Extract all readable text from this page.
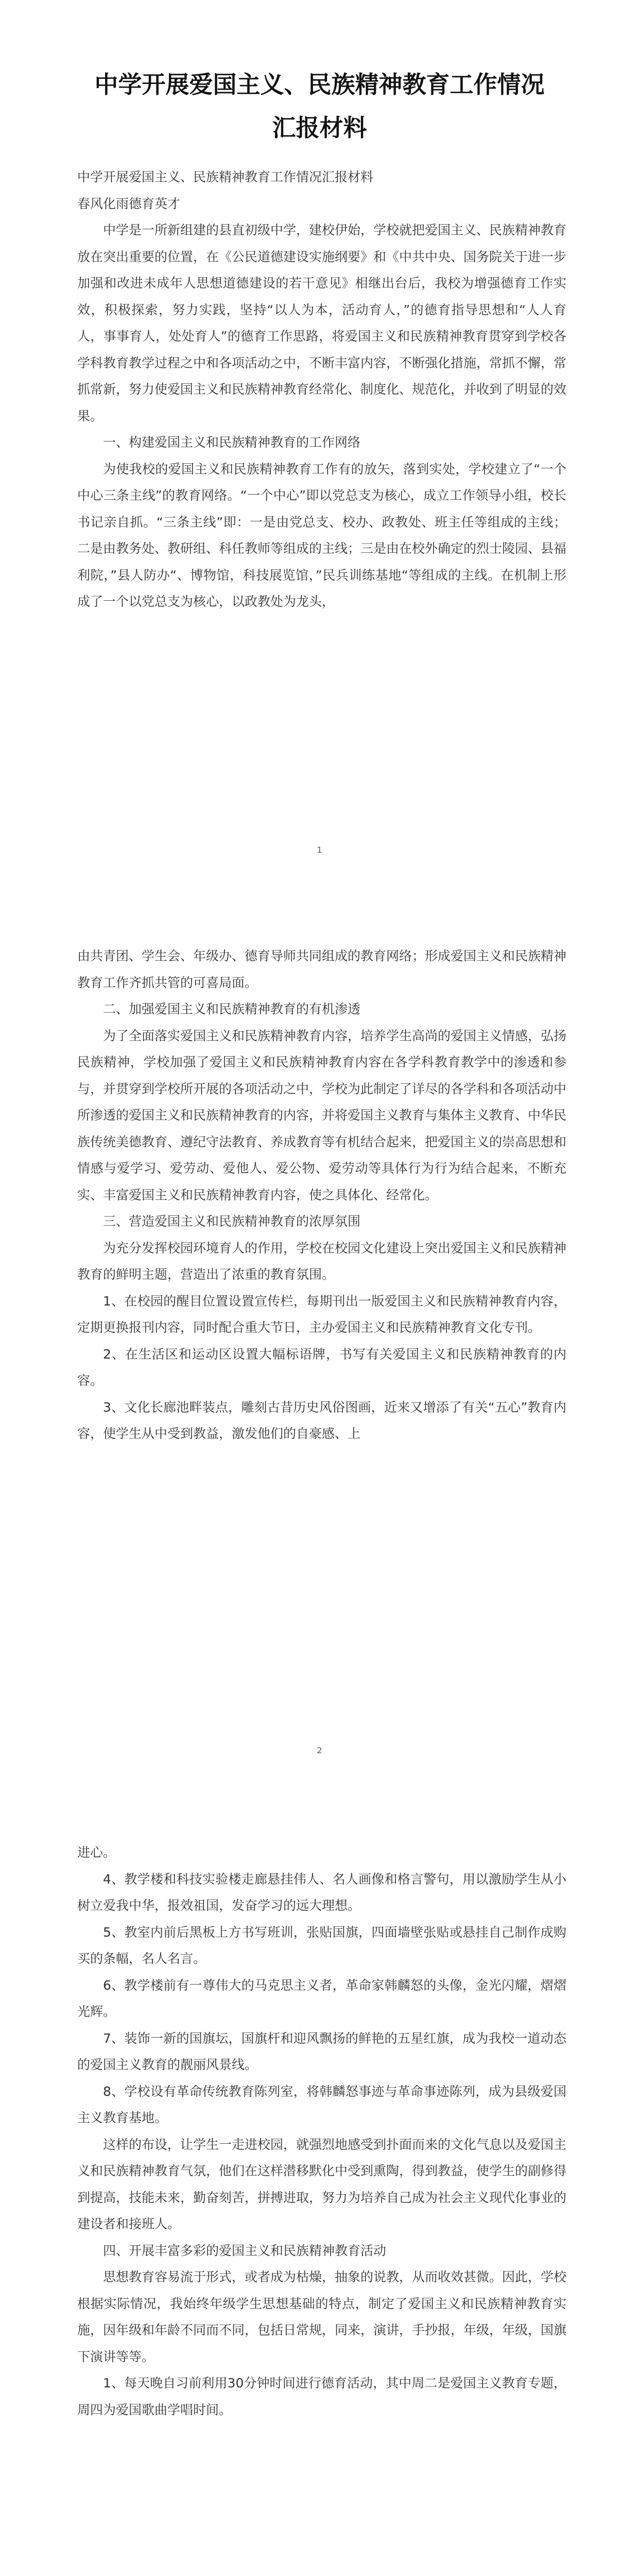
中学开展爱国主义、民族精神教育工作情况
汇报材料

中学开展爱国主义、民族精神教育工作情况汇报材料

春风化雨德育英才

中学是一所新组建的县直初级中学，建校伊始，学校就把爱国主义、民族精神教育放在突出重要的位置，在《公民道德建设实施纲要》和《中共中央、国务院关于进一步加强和改进未成年人思想道德建设的若干意见》相继出台后，我校为增强德育工作实效，积极探索，努力实践，坚持“以人为本，活动育人，”的德育指导思想和“人人育人，事事育人，处处育人”的德育工作思路，将爱国主义和民族精神教育贯穿到学校各学科教育教学过程之中和各项活动之中，不断丰富内容，不断强化措施，常抓不懈，常抓常新，努力使爱国主义和民族精神教育经常化、制度化、规范化，并收到了明显的效果。

一、构建爱国主义和民族精神教育的工作网络

为使我校的爱国主义和民族精神教育工作有的放矢，落到实处，学校建立了“一个中心三条主线”的教育网络。“一个中心”即以党总支为核心，成立工作领导小组，校长书记亲自抓。“三条主线”即：一是由党总支、校办、政教处、班主任等组成的主线；二是由教务处、教研组、科任教师等组成的主线；三是由在校外确定的烈士陵园、县福利院，”县人防办“、博物馆，科技展览馆，”民兵训练基地“等组成的主线。在机制上形成了一个以党总支为核心，以政教处为龙头，

1

由共青团、学生会、年级办、德育导师共同组成的教育网络；形成爱国主义和民族精神教育工作齐抓共管的可喜局面。

二、加强爱国主义和民族精神教育的有机渗透

为了全面落实爱国主义和民族精神教育内容，培养学生高尚的爱国主义情感，弘扬民族精神，学校加强了爱国主义和民族精神教育内容在各学科教育教学中的渗透和参与，并贯穿到学校所开展的各项活动之中，学校为此制定了详尽的各学科和各项活动中所渗透的爱国主义和民族精神教育的内容，并将爱国主义教育与集体主义教育、中华民族传统美德教育、遵纪守法教育、养成教育等有机结合起来，把爱国主义的崇高思想和情感与爱学习、爱劳动、爱他人、爱公物、爱劳动等具体行为行为结合起来，不断充实、丰富爱国主义和民族精神教育内容，使之具体化、经常化。

三、营造爱国主义和民族精神教育的浓厚氛围

为充分发挥校园环境育人的作用，学校在校园文化建设上突出爱国主义和民族精神教育的鲜明主题，营造出了浓重的教育氛围。

1、在校园的醒目位置设置宣传栏，每期刊出一版爱国主义和民族精神教育内容，定期更换报刊内容，同时配合重大节日，主办爱国主义和民族精神教育文化专刊。

2、在生活区和运动区设置大幅标语牌，书写有关爱国主义和民族精神教育的内容。

3、文化长廊池畔装点，雕刻古昔历史风俗图画，近来又增添了有关“五心”教育内容，使学生从中受到教益，激发他们的自豪感、上

2

进心。

4、教学楼和科技实验楼走廊悬挂伟人、名人画像和格言警句，用以激励学生从小树立爱我中华，报效祖国，发奋学习的远大理想。

5、教室内前后黑板上方书写班训，张贴国旗，四面墙壁张贴或悬挂自己制作成购买的条幅，名人名言。

6、教学楼前有一尊伟大的马克思主义者，革命家韩麟怒的头像，金光闪耀，熠熠光辉。

7、装饰一新的国旗坛，国旗杆和迎风飘扬的鲜艳的五星红旗，成为我校一道动态的爱国主义教育的靓丽风景线。

8、学校设有革命传统教育陈列室，将韩麟怒事迹与革命事迹陈列，成为县级爱国主义教育基地。

这样的布设，让学生一走进校园，就强烈地感受到扑面而来的文化气息以及爱国主义和民族精神教育气氛，他们在这样潜移默化中受到熏陶，得到教益，使学生的副修得到提高，技能未来，勤奋刻苦，拼搏进取，努力为培养自己成为社会主义现代化事业的建设者和接班人。

四、开展丰富多彩的爱国主义和民族精神教育活动

思想教育容易流于形式，或者成为枯燥，抽象的说教，从而收效甚微。因此，学校根据实际情况，我始终年级学生思想基础的特点，制定了爱国主义和民族精神教育实施，因年级和年龄不同而不同，包括日常规，同来，演讲，手抄报，年级，年级，国旗下演讲等等。

1、每天晚自习前利用30分钟时间进行德育活动，其中周二是爱国主义教育专题，周四为爱国歌曲学唱时间。
